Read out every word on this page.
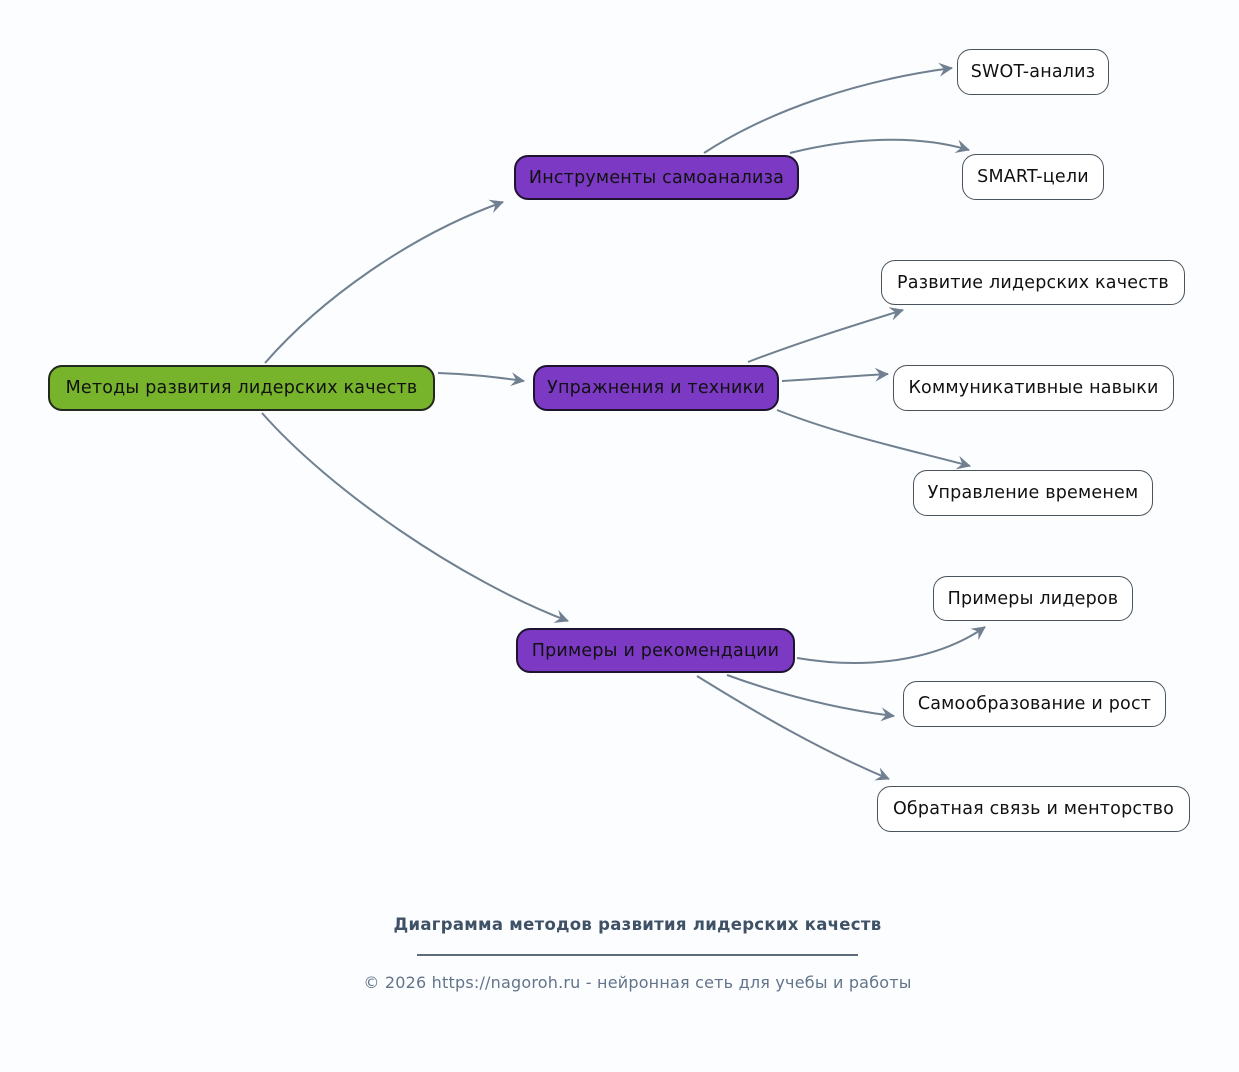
Методы развития лидерских качеств
Инструменты самоанализа
Упражнения и техники
Примеры и рекомендации
SWOT-анализ
SMART-цели
Развитие лидерских качеств
Коммуникативные навыки
Управление временем
Примеры лидеров
Самообразование и рост
Обратная связь и менторство
Диаграмма методов развития лидерских качеств
© 2026 https://nagoroh.ru - нейронная сеть для учебы и работы
